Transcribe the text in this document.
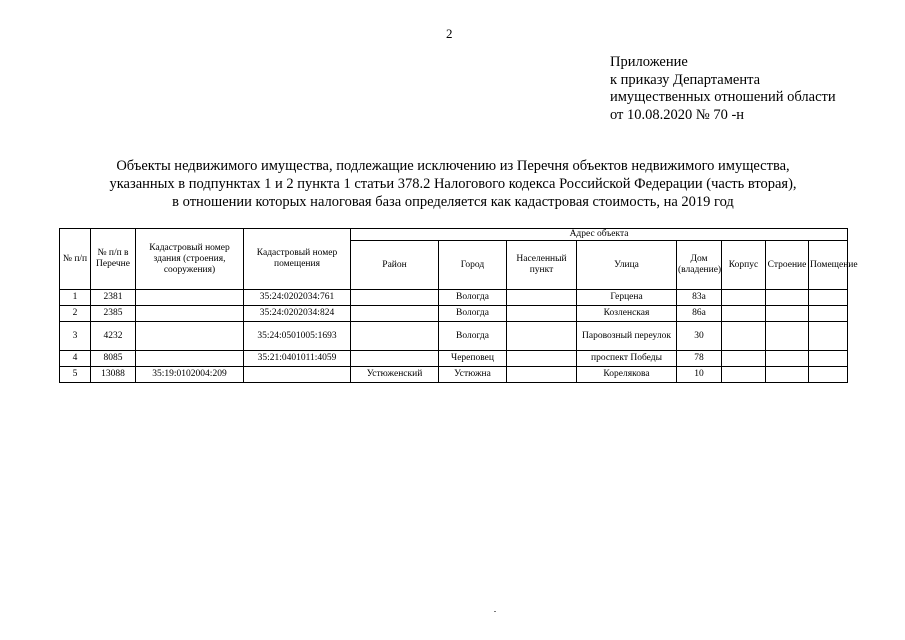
2
Приложение
к приказу Департамента
имущественных отношений области
от 10.08.2020 № 70 -н
Объекты недвижимого имущества, подлежащие исключению из Перечня объектов недвижимого имущества,
указанных в подпунктах 1 и 2 пункта 1 статьи 378.2 Налогового кодекса Российской Федерации (часть вторая),
в отношении которых налоговая база определяется как кадастровая стоимость, на 2019 год
№ п/п	№ п/п в Перечне	Кадастровый номер здания (строения, сооружения)	Кадастровый номер помещения	Адрес объекта							
				Район	Город	Населенный пункт	Улица	Дом (владение)	Корпус	Строение	Помещение
1	2381		35:24:0202034:761		Вологда		Герцена	83а			
2	2385		35:24:0202034:824		Вологда		Козленская	86а			
3	4232		35:24:0501005:1693		Вологда		Паровозный переулок	30			
4	8085		35:21:0401011:4059		Череповец		проспект Победы	78			
5	13088	35:19:0102004:209		Устюженский	Устюжна		Корелякова	10			
